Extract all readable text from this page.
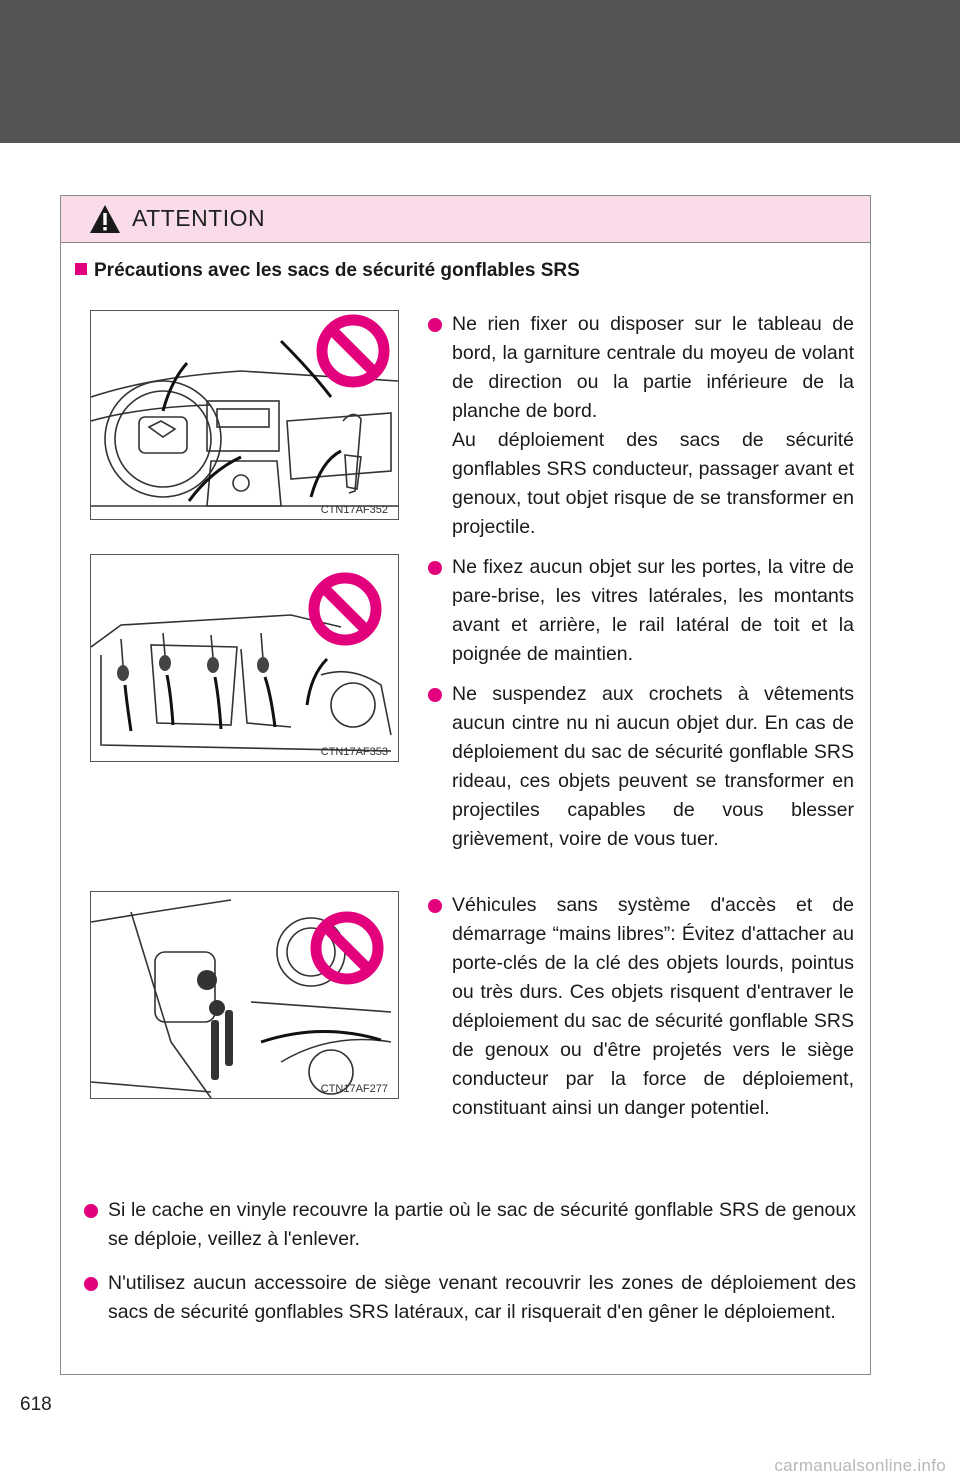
ATTENTION
Précautions avec les sacs de sécurité gonflables SRS
CTN17AF352
CTN17AF353
CTN17AF277
Ne rien fixer ou disposer sur le tableau de bord, la garniture centrale du moyeu de volant de direction ou la partie inférieure de la planche de bord.
Au déploiement des sacs de sécurité gonflables SRS conducteur, passager avant et genoux, tout objet risque de se transformer en projectile.
Ne fixez aucun objet sur les portes, la vitre de pare-brise, les vitres latérales, les montants avant et arrière, le rail latéral de toit et la poignée de maintien.
Ne suspendez aux crochets à vêtements aucun cintre nu ni aucun objet dur. En cas de déploiement du sac de sécurité gonflable SRS rideau, ces objets peuvent se transformer en projectiles capables de vous blesser grièvement, voire de vous tuer.
Véhicules sans système d'accès et de démarrage “mains libres”: Évitez d'attacher au porte-clés de la clé des objets lourds, pointus ou très durs. Ces objets risquent d'entraver le déploiement du sac de sécurité gonflable SRS de genoux ou d'être projetés vers le siège conducteur par la force de déploiement, constituant ainsi un danger potentiel.
Si le cache en vinyle recouvre la partie où le sac de sécurité gonflable SRS de genoux se déploie, veillez à l'enlever.
N'utilisez aucun accessoire de siège venant recouvrir les zones de déploiement des sacs de sécurité gonflables SRS latéraux, car il risquerait d'en gêner le déploiement.
618
carmanualsonline.info
